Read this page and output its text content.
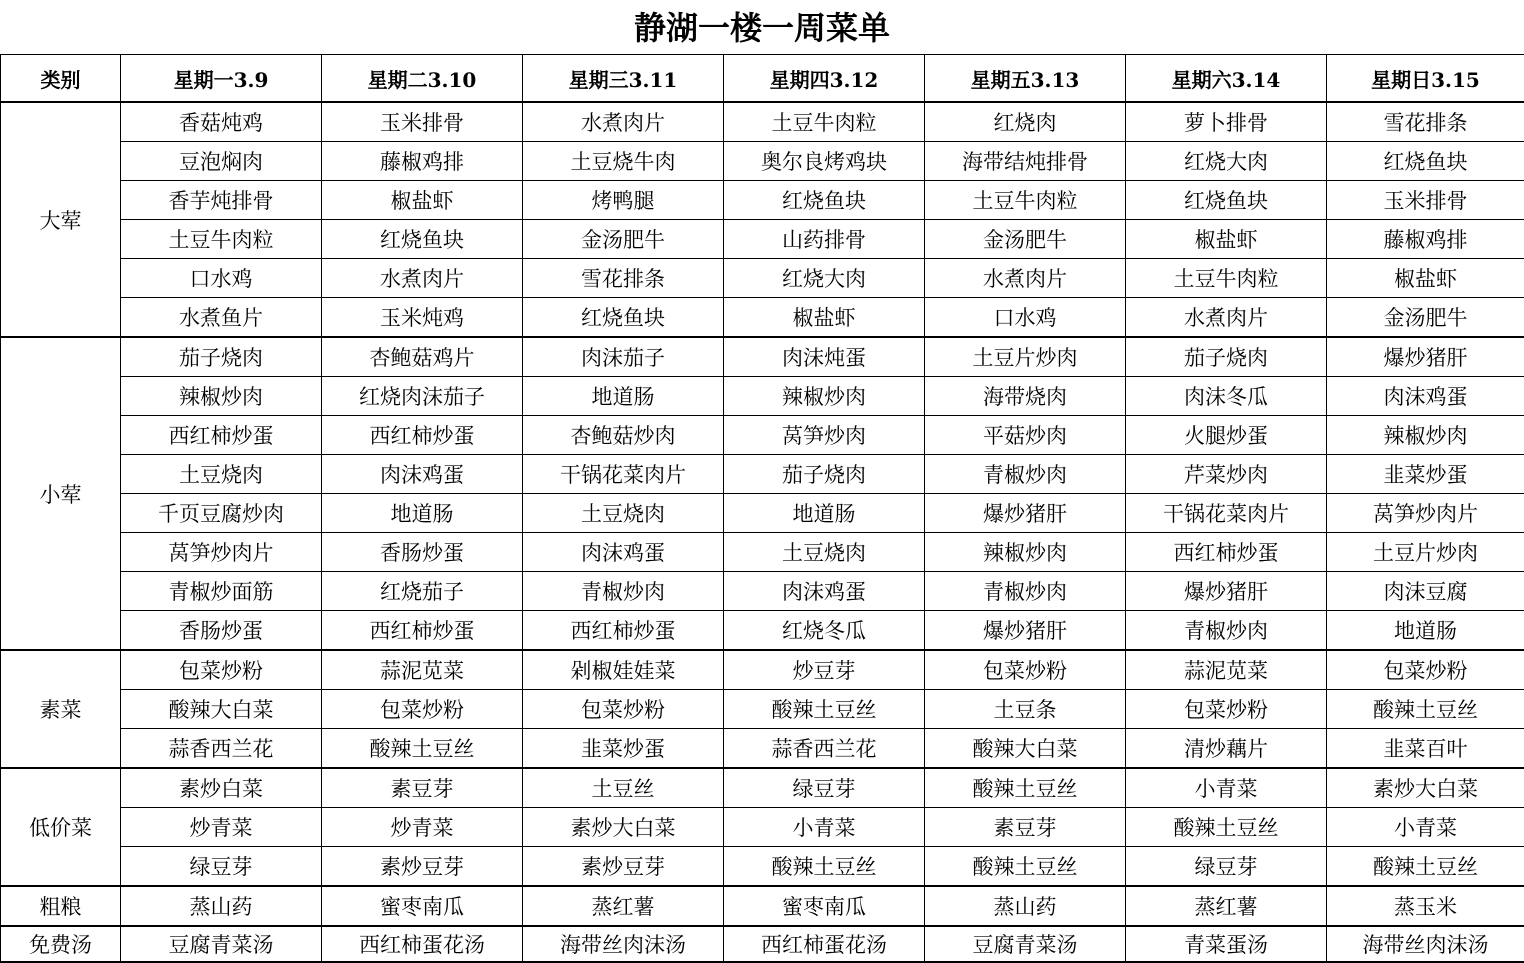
静湖一楼一周菜单
类别	星期一3.9	星期二3.10	星期三3.11	星期四3.12	星期五3.13	星期六3.14	星期日3.15
大荤	香菇炖鸡	玉米排骨	水煮肉片	土豆牛肉粒	红烧肉	萝卜排骨	雪花排条
	豆泡焖肉	藤椒鸡排	土豆烧牛肉	奥尔良烤鸡块	海带结炖排骨	红烧大肉	红烧鱼块
	香芋炖排骨	椒盐虾	烤鸭腿	红烧鱼块	土豆牛肉粒	红烧鱼块	玉米排骨
	土豆牛肉粒	红烧鱼块	金汤肥牛	山药排骨	金汤肥牛	椒盐虾	藤椒鸡排
	口水鸡	水煮肉片	雪花排条	红烧大肉	水煮肉片	土豆牛肉粒	椒盐虾
	水煮鱼片	玉米炖鸡	红烧鱼块	椒盐虾	口水鸡	水煮肉片	金汤肥牛
小荤	茄子烧肉	杏鲍菇鸡片	肉沫茄子	肉沫炖蛋	土豆片炒肉	茄子烧肉	爆炒猪肝
	辣椒炒肉	红烧肉沫茄子	地道肠	辣椒炒肉	海带烧肉	肉沫冬瓜	肉沫鸡蛋
	西红柿炒蛋	西红柿炒蛋	杏鲍菇炒肉	莴笋炒肉	平菇炒肉	火腿炒蛋	辣椒炒肉
	土豆烧肉	肉沫鸡蛋	干锅花菜肉片	茄子烧肉	青椒炒肉	芹菜炒肉	韭菜炒蛋
	千页豆腐炒肉	地道肠	土豆烧肉	地道肠	爆炒猪肝	干锅花菜肉片	莴笋炒肉片
	莴笋炒肉片	香肠炒蛋	肉沫鸡蛋	土豆烧肉	辣椒炒肉	西红柿炒蛋	土豆片炒肉
	青椒炒面筋	红烧茄子	青椒炒肉	肉沫鸡蛋	青椒炒肉	爆炒猪肝	肉沫豆腐
	香肠炒蛋	西红柿炒蛋	西红柿炒蛋	红烧冬瓜	爆炒猪肝	青椒炒肉	地道肠
素菜	包菜炒粉	蒜泥苋菜	剁椒娃娃菜	炒豆芽	包菜炒粉	蒜泥苋菜	包菜炒粉
	酸辣大白菜	包菜炒粉	包菜炒粉	酸辣土豆丝	土豆条	包菜炒粉	酸辣土豆丝
	蒜香西兰花	酸辣土豆丝	韭菜炒蛋	蒜香西兰花	酸辣大白菜	清炒藕片	韭菜百叶
低价菜	素炒白菜	素豆芽	土豆丝	绿豆芽	酸辣土豆丝	小青菜	素炒大白菜
	炒青菜	炒青菜	素炒大白菜	小青菜	素豆芽	酸辣土豆丝	小青菜
	绿豆芽	素炒豆芽	素炒豆芽	酸辣土豆丝	酸辣土豆丝	绿豆芽	酸辣土豆丝
粗粮	蒸山药	蜜枣南瓜	蒸红薯	蜜枣南瓜	蒸山药	蒸红薯	蒸玉米
免费汤	豆腐青菜汤	西红柿蛋花汤	海带丝肉沫汤	西红柿蛋花汤	豆腐青菜汤	青菜蛋汤	海带丝肉沫汤
